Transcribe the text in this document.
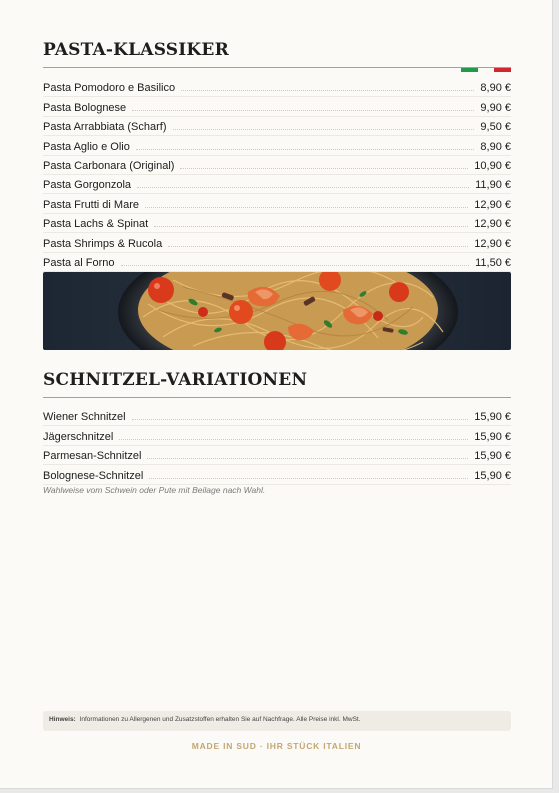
PASTA-KLASSIKER
Pasta Pomodoro e Basilico	8,90 €
Pasta Bolognese	9,90 €
Pasta Arrabbiata (Scharf)	9,50 €
Pasta Aglio e Olio	8,90 €
Pasta Carbonara (Original)	10,90 €
Pasta Gorgonzola	11,90 €
Pasta Frutti di Mare	12,90 €
Pasta Lachs & Spinat	12,90 €
Pasta Shrimps & Rucola	12,90 €
Pasta al Forno	11,50 €
SCHNITZEL-VARIATIONEN
Wiener Schnitzel	15,90 €
Jägerschnitzel	15,90 €
Parmesan-Schnitzel	15,90 €
Bolognese-Schnitzel	15,90 €
Wahlweise vom Schwein oder Pute mit Beilage nach Wahl.
Hinweis: Informationen zu Allergenen und Zusatzstoffen erhalten Sie auf Nachfrage. Alle Preise inkl. MwSt.
MADE IN SUD · IHR STÜCK ITALIEN
